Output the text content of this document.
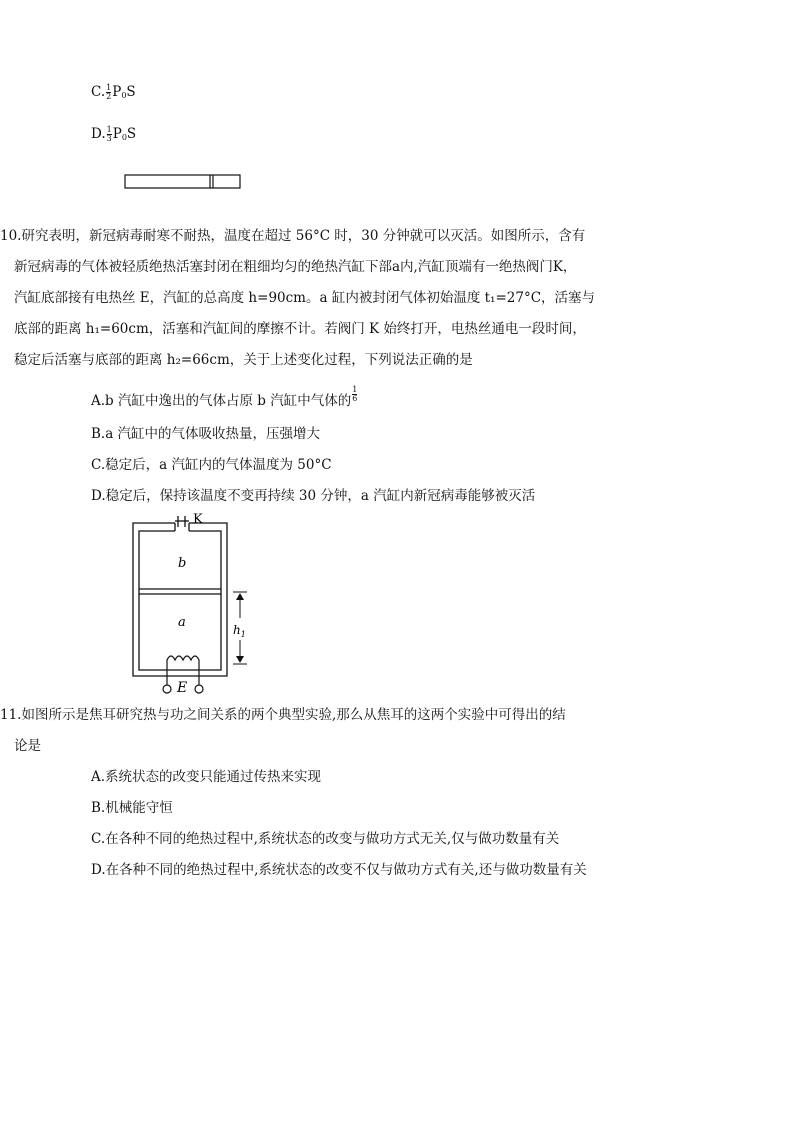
C. $\frac{1}{2} P_0S$
D. $\frac{1}{3} P_0S$
10.研究表明，新冠病毒耐寒不耐热，温度在超过 56°C 时，30 分钟就可以灭活。如图所示，含有
新冠病毒的气体被轻质绝热活塞封闭在粗细均匀的绝热汽缸下部a内,汽缸顶端有一绝热阀门K，
汽缸底部接有电热丝 E，汽缸的总高度 h=90cm。a 缸内被封闭气体初始温度 t₁=27°C，活塞与
底部的距离 h₁=60cm，活塞和汽缸间的摩擦不计。若阀门 K 始终打开，电热丝通电一段时间，
稳定后活塞与底部的距离 h₂=66cm，关于上述变化过程，下列说法正确的是
A.b 汽缸中逸出的气体占原 b 汽缸中气体的 $\frac{1}{6}$
B.a 汽缸中的气体吸收热量，压强增大
C.稳定后，a 汽缸内的气体温度为 50°C
D.稳定后，保持该温度不变再持续 30 分钟，a 汽缸内新冠病毒能够被灭活
K
b
a	$h_1$
E
11.如图所示是焦耳研究热与功之间关系的两个典型实验,那么从焦耳的这两个实验中可得出的结
论是
A.系统状态的改变只能通过传热来实现
B.机械能守恒
C.在各种不同的绝热过程中,系统状态的改变与做功方式无关,仅与做功数量有关
D.在各种不同的绝热过程中,系统状态的改变不仅与做功方式有关,还与做功数量有关
